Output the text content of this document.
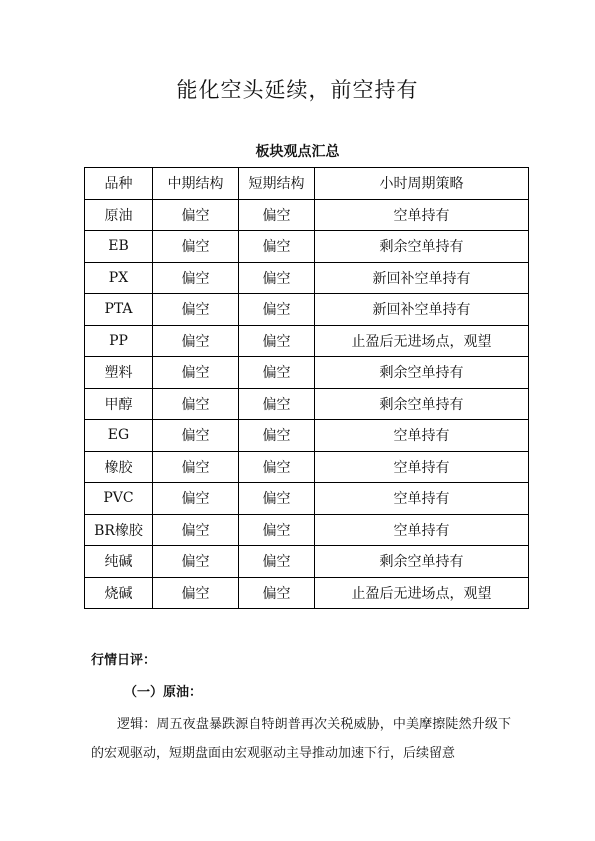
能化空头延续，前空持有
板块观点汇总
品种	中期结构	短期结构	小时周期策略
原油	偏空	偏空	空单持有
EB	偏空	偏空	剩余空单持有
PX	偏空	偏空	新回补空单持有
PTA	偏空	偏空	新回补空单持有
PP	偏空	偏空	止盈后无进场点，观望
塑料	偏空	偏空	剩余空单持有
甲醇	偏空	偏空	剩余空单持有
EG	偏空	偏空	空单持有
橡胶	偏空	偏空	空单持有
PVC	偏空	偏空	空单持有
BR橡胶	偏空	偏空	空单持有
纯碱	偏空	偏空	剩余空单持有
烧碱	偏空	偏空	止盈后无进场点，观望
行情日评：
（一）原油：
逻辑：周五夜盘暴跌源自特朗普再次关税威胁，中美摩擦陡然升级下的宏观驱动，短期盘面由宏观驱动主导推动加速下行，后续留意
